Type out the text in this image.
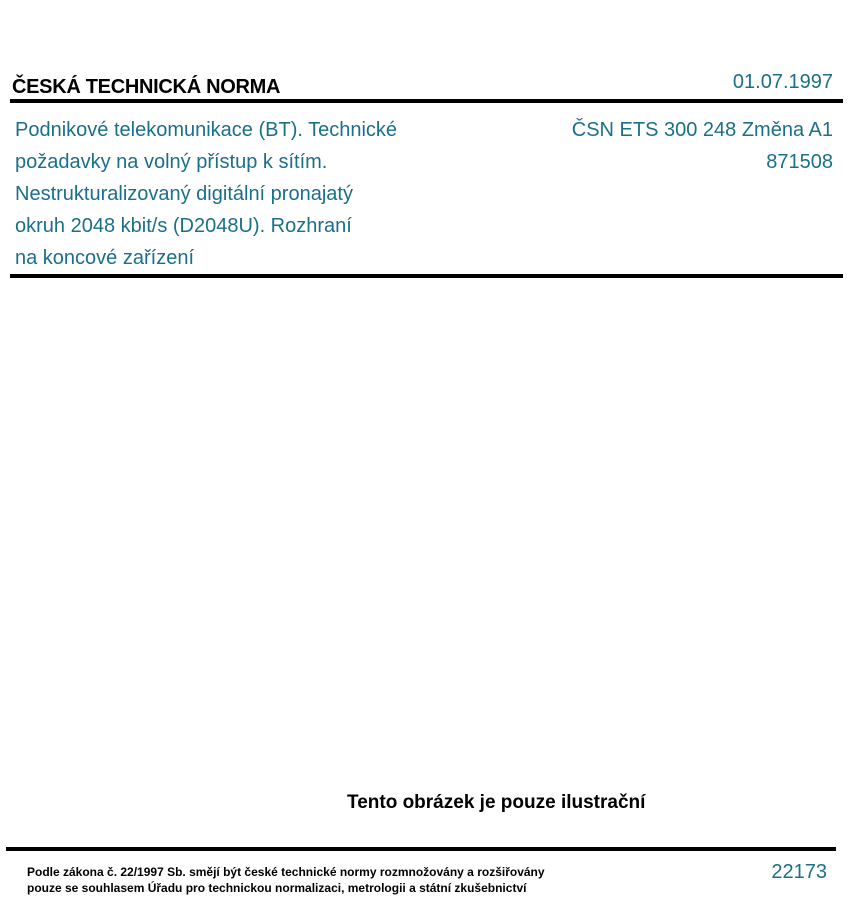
ČESKÁ TECHNICKÁ NORMA	01.07.1997
Podnikové telekomunikace (BT). Technické
požadavky na volný přístup k sítím.
Nestrukturalizovaný digitální pronajatý
okruh 2048 kbit/s (D2048U). Rozhraní
na koncové zařízení
ČSN ETS 300 248 Změna A1
871508
Tento obrázek je pouze ilustrační
Podle zákona č. 22/1997 Sb. smějí být české technické normy rozmnožovány a rozšiřovány
pouze se souhlasem Úřadu pro technickou normalizaci, metrologii a státní zkušebnictví
22173
